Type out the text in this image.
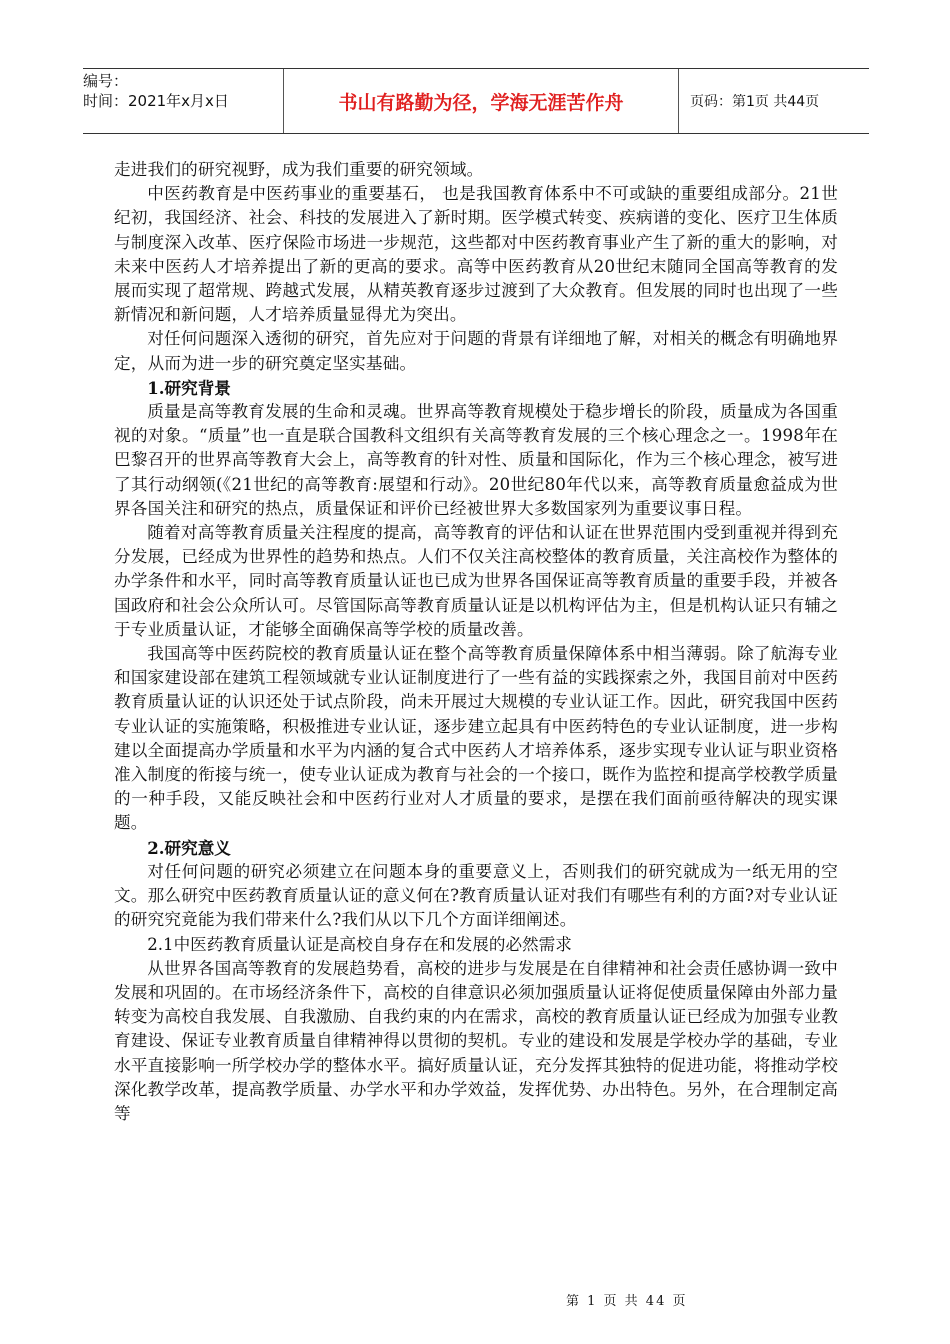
编号：
时间：2021年x月x日	书山有路勤为径，学海无涯苦作舟	页码：第1页 共44页

走进我们的研究视野，成为我们重要的研究领域。

中医药教育是中医药事业的重要基石， 也是我国教育体系中不可或缺的重要组成部分。21世纪初，我国经济、社会、科技的发展进入了新时期。医学模式转变、疾病谱的变化、医疗卫生体质与制度深入改革、医疗保险市场进一步规范，这些都对中医药教育事业产生了新的重大的影响，对未来中医药人才培养提出了新的更高的要求。高等中医药教育从20世纪末随同全国高等教育的发展而实现了超常规、跨越式发展，从精英教育逐步过渡到了大众教育。但发展的同时也出现了一些新情况和新问题，人才培养质量显得尤为突出。

对任何问题深入透彻的研究，首先应对于问题的背景有详细地了解，对相关的概念有明确地界定，从而为进一步的研究奠定坚实基础。

1.研究背景

质量是高等教育发展的生命和灵魂。世界高等教育规模处于稳步增长的阶段，质量成为各国重视的对象。“质量”也一直是联合国教科文组织有关高等教育发展的三个核心理念之一。1998年在巴黎召开的世界高等教育大会上，高等教育的针对性、质量和国际化，作为三个核心理念，被写进了其行动纲领(《21世纪的高等教育:展望和行动》。20世纪80年代以来，高等教育质量愈益成为世界各国关注和研究的热点，质量保证和评价已经被世界大多数国家列为重要议事日程。

随着对高等教育质量关注程度的提高，高等教育的评估和认证在世界范围内受到重视并得到充分发展，已经成为世界性的趋势和热点。人们不仅关注高校整体的教育质量，关注高校作为整体的办学条件和水平，同时高等教育质量认证也已成为世界各国保证高等教育质量的重要手段，并被各国政府和社会公众所认可。尽管国际高等教育质量认证是以机构评估为主，但是机构认证只有辅之于专业质量认证，才能够全面确保高等学校的质量改善。

我国高等中医药院校的教育质量认证在整个高等教育质量保障体系中相当薄弱。除了航海专业和国家建设部在建筑工程领域就专业认证制度进行了一些有益的实践探索之外，我国目前对中医药教育质量认证的认识还处于试点阶段，尚未开展过大规模的专业认证工作。因此，研究我国中医药专业认证的实施策略，积极推进专业认证，逐步建立起具有中医药特色的专业认证制度，进一步构建以全面提高办学质量和水平为内涵的复合式中医药人才培养体系，逐步实现专业认证与职业资格准入制度的衔接与统一，使专业认证成为教育与社会的一个接口，既作为监控和提高学校教学质量的一种手段，又能反映社会和中医药行业对人才质量的要求，是摆在我们面前亟待解决的现实课题。

2.研究意义

对任何问题的研究必须建立在问题本身的重要意义上，否则我们的研究就成为一纸无用的空文。那么研究中医药教育质量认证的意义何在?教育质量认证对我们有哪些有利的方面?对专业认证的研究究竟能为我们带来什么?我们从以下几个方面详细阐述。

2.1中医药教育质量认证是高校自身存在和发展的必然需求

从世界各国高等教育的发展趋势看，高校的进步与发展是在自律精神和社会责任感协调一致中发展和巩固的。在市场经济条件下，高校的自律意识必须加强质量认证将促使质量保障由外部力量转变为高校自我发展、自我激励、自我约束的内在需求，高校的教育质量认证已经成为加强专业教育建设、保证专业教育质量自律精神得以贯彻的契机。专业的建设和发展是学校办学的基础，专业水平直接影响一所学校办学的整体水平。搞好质量认证，充分发挥其独特的促进功能，将推动学校深化教学改革，提高教学质量、办学水平和办学效益，发挥优势、办出特色。另外，在合理制定高等

第 1 页 共 44 页
